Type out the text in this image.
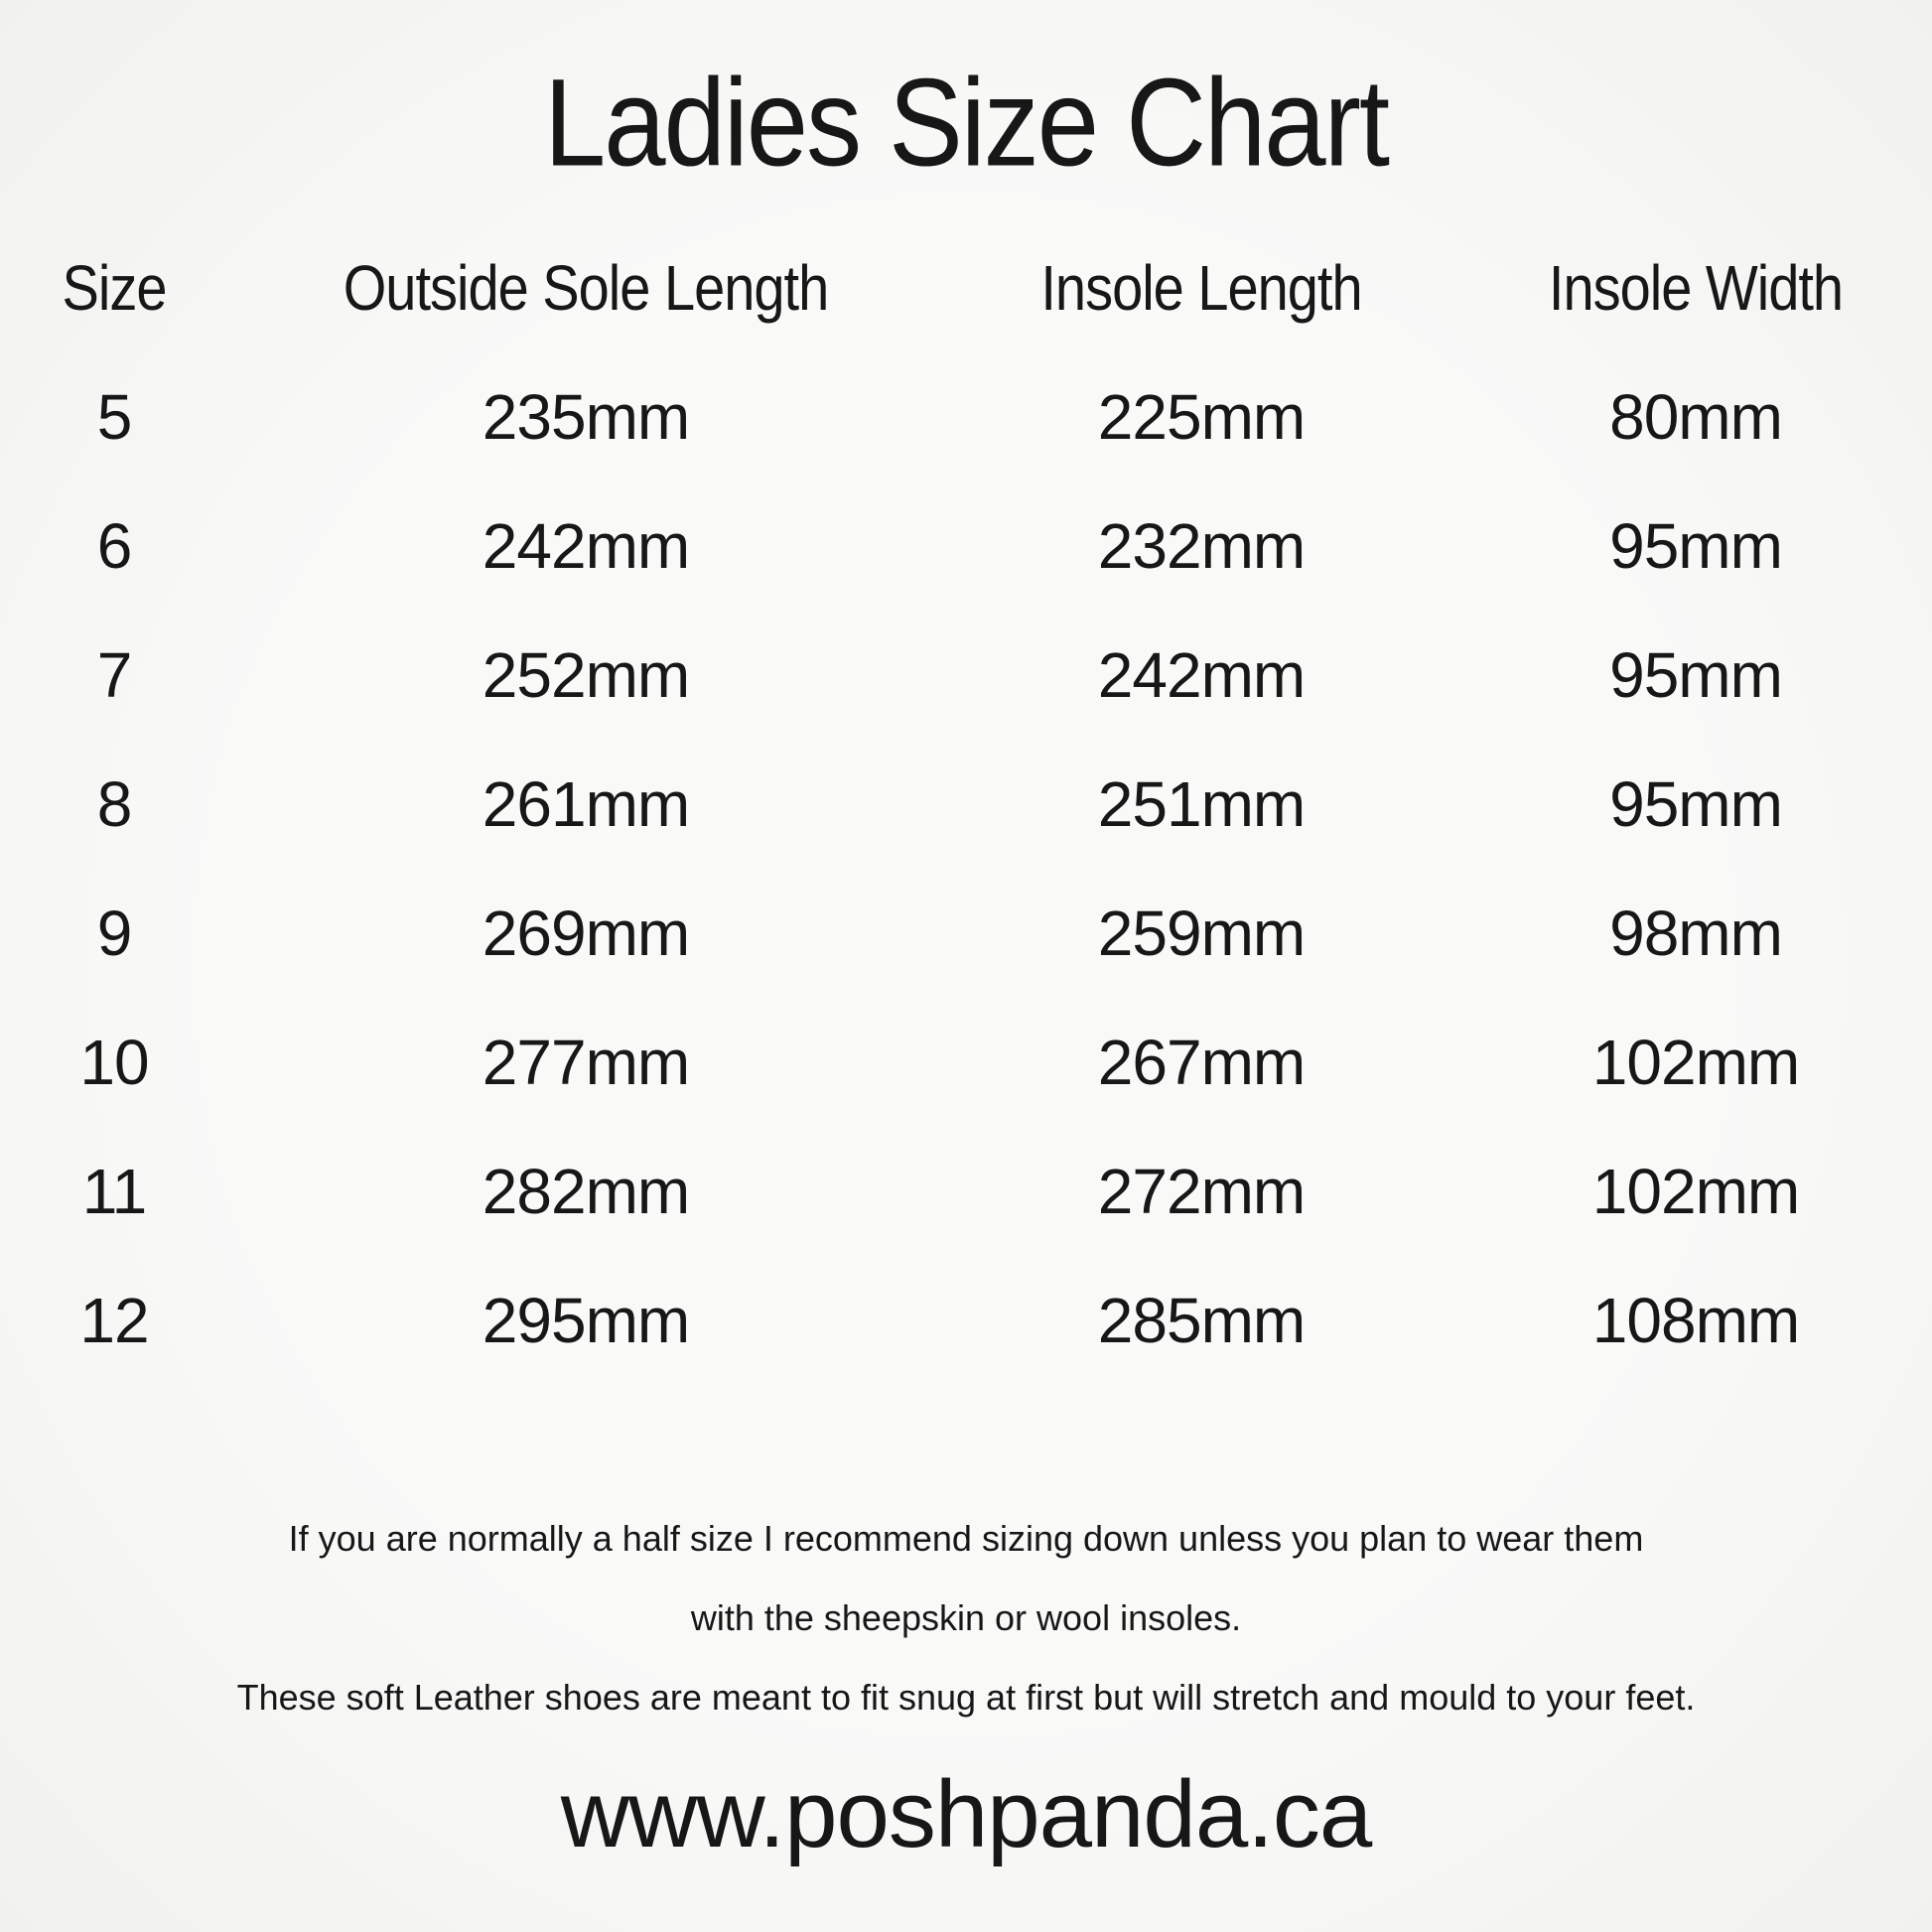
Ladies Size Chart
Size	Outside Sole Length	Insole Length	Insole Width
5	235mm	225mm	80mm
6	242mm	232mm	95mm
7	252mm	242mm	95mm
8	261mm	251mm	95mm
9	269mm	259mm	98mm
10	277mm	267mm	102mm
11	282mm	272mm	102mm
12	295mm	285mm	108mm
If you are normally a half size I recommend sizing down unless you plan to wear them
with the sheepskin or wool insoles.
These soft Leather shoes are meant to fit snug at first but will stretch and mould to your feet.
www.poshpanda.ca
